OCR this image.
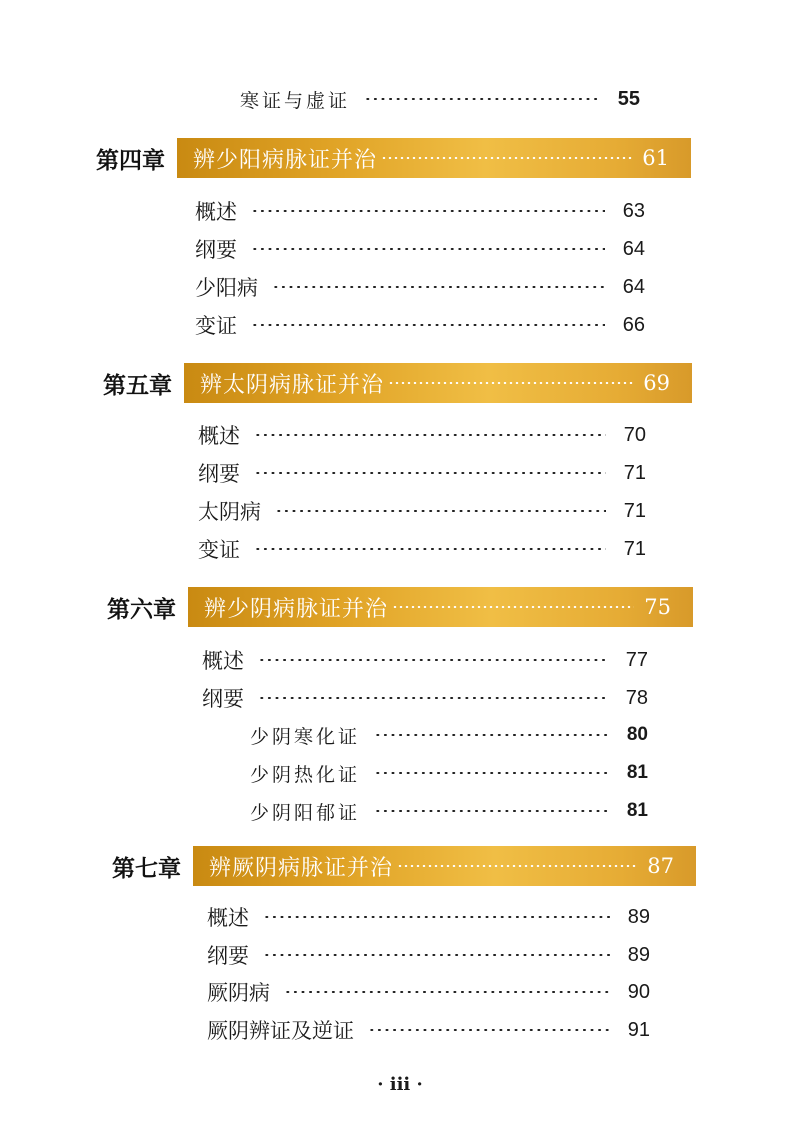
寒证与虚证	55
第四章 辨少阳病脉证并治	61
概述	63
纲要	64
少阳病	64
变证	66
第五章 辨太阴病脉证并治	69
概述	70
纲要	71
太阴病	71
变证	71
第六章 辨少阴病脉证并治	75
概述	77
纲要	78
少阴寒化证	80
少阴热化证	81
少阴阳郁证	81
第七章 辨厥阴病脉证并治	87
概述	89
纲要	89
厥阴病	90
厥阴辨证及逆证	91
· iii ·
